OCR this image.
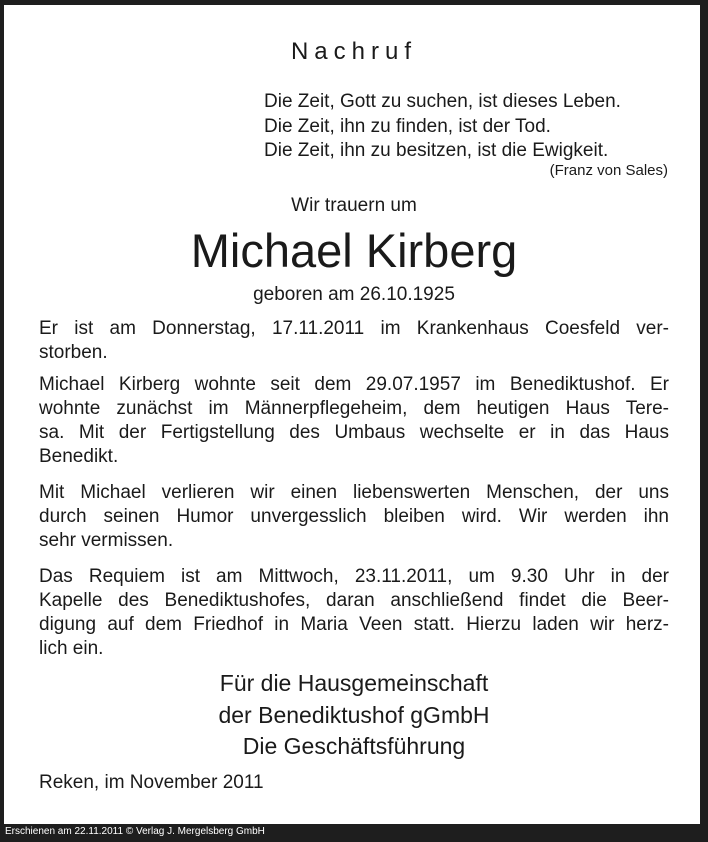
Nachruf
Die Zeit, Gott zu suchen, ist dieses Leben.
Die Zeit, ihn zu finden, ist der Tod.
Die Zeit, ihn zu besitzen, ist die Ewigkeit.
(Franz von Sales)
Wir trauern um
Michael Kirberg
geboren am 26.10.1925
Er ist am Donnerstag, 17.11.2011 im Krankenhaus Coesfeld ver-
storben.
Michael Kirberg wohnte seit dem 29.07.1957 im Benediktushof. Er
wohnte zunächst im Männerpflegeheim, dem heutigen Haus Tere-
sa. Mit der Fertigstellung des Umbaus wechselte er in das Haus
Benedikt.
Mit Michael verlieren wir einen liebenswerten Menschen, der uns
durch seinen Humor unvergesslich bleiben wird. Wir werden ihn
sehr vermissen.
Das Requiem ist am Mittwoch, 23.11.2011, um 9.30 Uhr in der
Kapelle des Benediktushofes, daran anschließend findet die Beer-
digung auf dem Friedhof in Maria Veen statt. Hierzu laden wir herz-
lich ein.
Für die Hausgemeinschaft
der Benediktushof gGmbH
Die Geschäftsführung
Reken, im November 2011
Erschienen am 22.11.2011 © Verlag J. Mergelsberg GmbH
